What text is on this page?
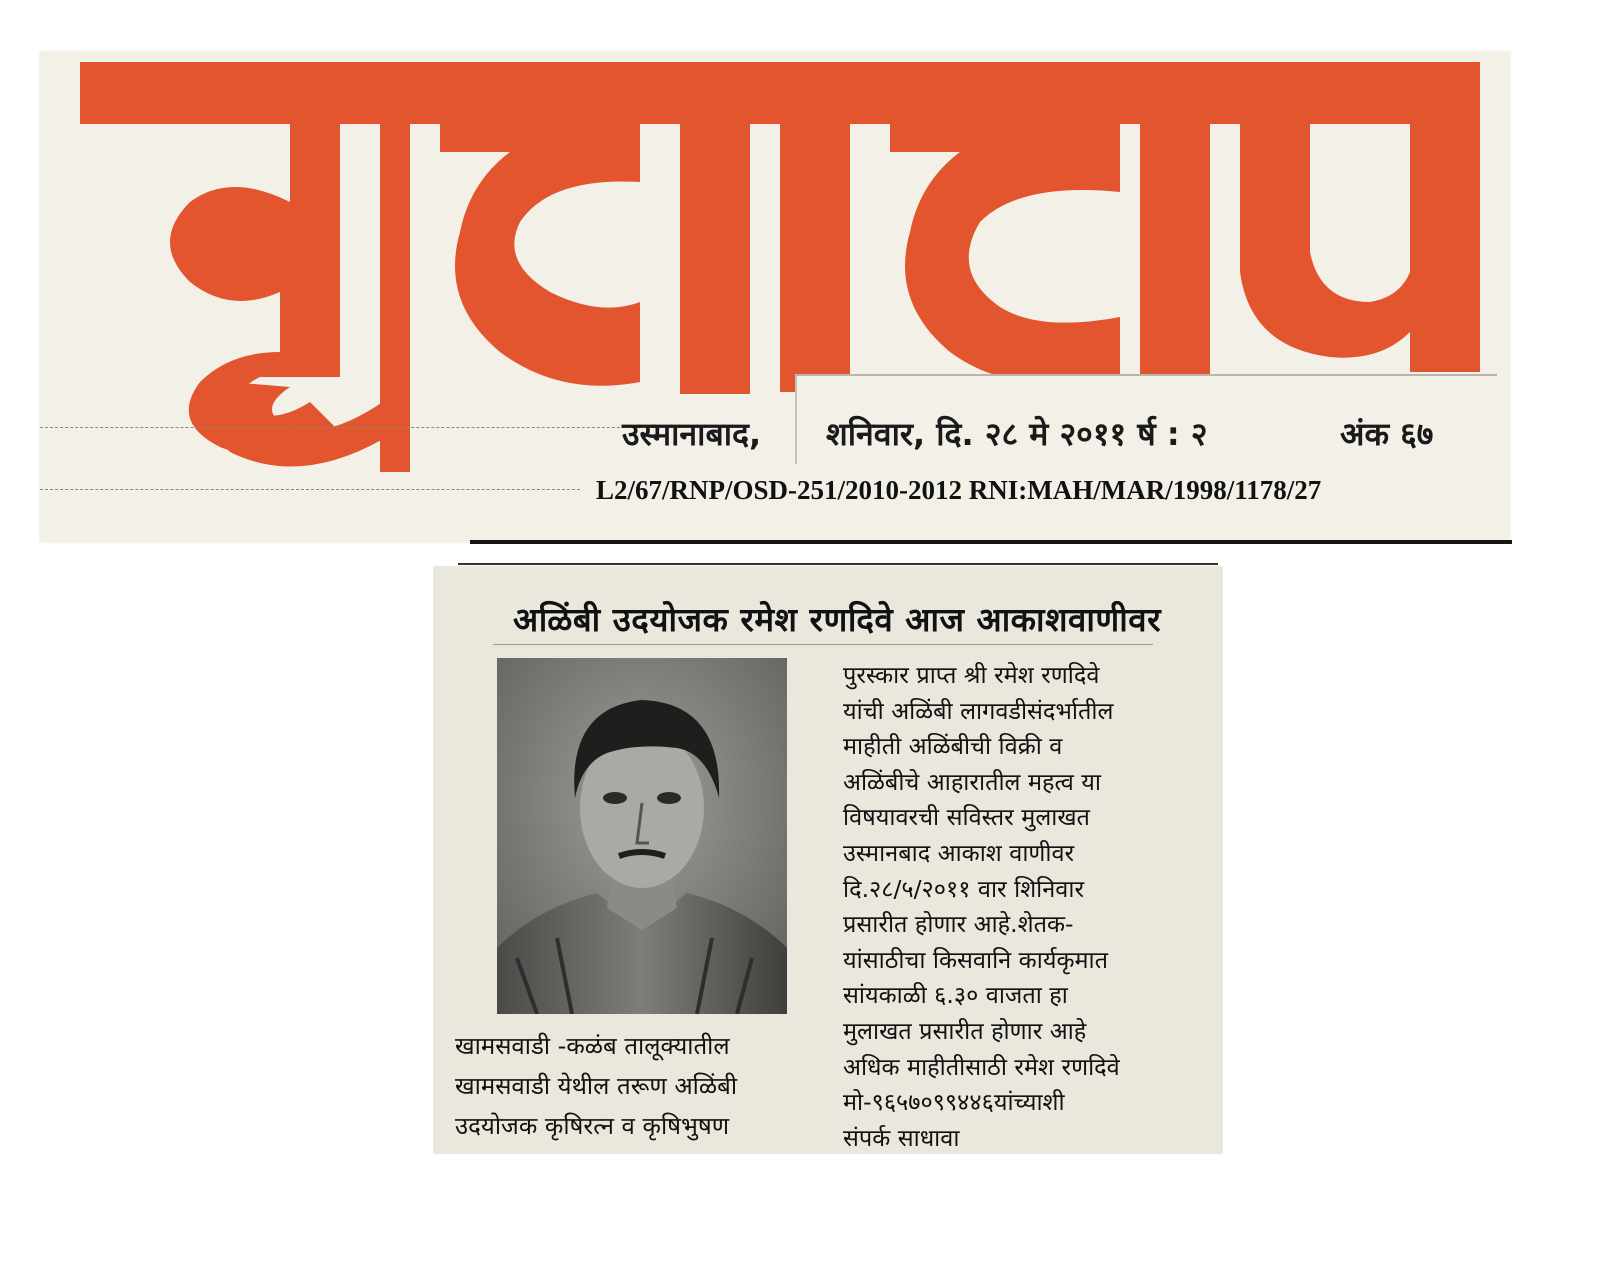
उस्मानाबाद, शनिवार, दि. २८ मे २०११ र्ष : २	अंक ६७
L2/67/RNP/OSD-251/2010-2012 RNI:MAH/MAR/1998/1178/27
अळिंबी उदयोजक रमेश रणदिवे आज आकाशवाणीवर
खामसवाडी -कळंब तालूक्यातील
खामसवाडी येथील तरूण अळिंबी
उदयोजक कृषिरत्न व कृषिभुषण
पुरस्कार प्राप्त श्री रमेश रणदिवे
यांची अळिंबी लागवडीसंदर्भातील
माहीती अळिंबीची विक्री व
अळिंबीचे आहारातील महत्व या
विषयावरची सविस्तर मुलाखत
उस्मानबाद आकाश वाणीवर
दि.२८/५/२०११ वार शिनिवार
प्रसारीत होणार आहे.शेतक-
यांसाठीचा किसवानि कार्यकृमात
सांयकाळी ६.३० वाजता हा
मुलाखत प्रसारीत होणार आहे
अधिक माहीतीसाठी रमेश रणदिवे
मो-९६५७०९९४४६यांच्याशी
संपर्क साधावा
